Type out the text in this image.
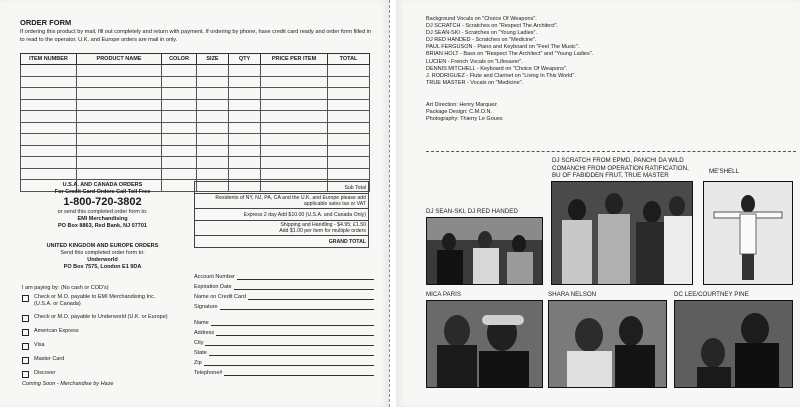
ORDER FORM
If ordering this product by mail, fill out completely and return with payment. If ordering by phone, have credit card ready and order form filled in to read to the operator. U.K. and Europe orders are mail in only.
ITEM NUMBER	PRODUCT NAME	COLOR	SIZE	QTY	PRICE PER ITEM	TOTAL

U.S.A. AND CANADA ORDERS
For Credit Card Orders Call Toll Free
1-800-720-3802
or send this completed order form to:
EMI Merchandising
PO Box 8863, Red Bank, NJ 07701
UNITED KINGDOM AND EUROPE ORDERS
Send this completed order form to:
Underworld
PO Box 7575, London E1 9DA
I am paying by: (No cash or COD's)
Check or M.O. payable to EMI Merchandising Inc. (U.S.A. or Canada)
Check or M.O. payable to Underworld (U.K. or Europe)
American Express
Visa
Master Card
Discover
Coming Soon - Merchandise by Haze
Sub Total
Residents of NY, NJ, PA, CA and the U.K. and Europe please add applicable sales tax or VAT
Express 2 day Add $10.00 (U.S.A. and Canada Only)

Shipping and Handling - $4.95; £1.50
Add $1.00 per item for multiple orders

GRAND TOTAL
Account Number
Expiration Date
Name on Credit Card
Signature
Name
Address
City
State
Zip
Telephone#
Background Vocals on "Choice Of Weapons".
DJ SCRATCH - Scratches on "Respect The Architect".
DJ SEAN-SKI - Scratches on "Young Ladies".
DJ RED HANDED - Scratches on "Medicine".
PAUL FERGUSON - Piano and Keyboard on "Feel The Music".
BRIAN HOLT - Bass on "Respect The Architect" and "Young Ladies".
LUCIEN - French Vocals on "Lifesaver".
DENNIS MITCHELL - Keyboard on "Choice Of Weapons".
J. RODRIGUEZ - Flute and Clarinet on "Living In This World".
TRUE MASTER - Vocals on "Medicine".
Art Direction: Henry Marquez
Package Design: C.M.O.N.
Photography: Thierry Le Goues
DJ SCRATCH FROM EPMD, PANCHI DA WILD
COMANCHI FROM OPERATION RATIFICATION,
BU OF FABIDDEN FRUT, TRUE MASTER
ME'SHELL
DJ SEAN-SKI, DJ RED HANDED
MICA PARIS	SHARA NELSON	DC LEE/COURTNEY PINE
